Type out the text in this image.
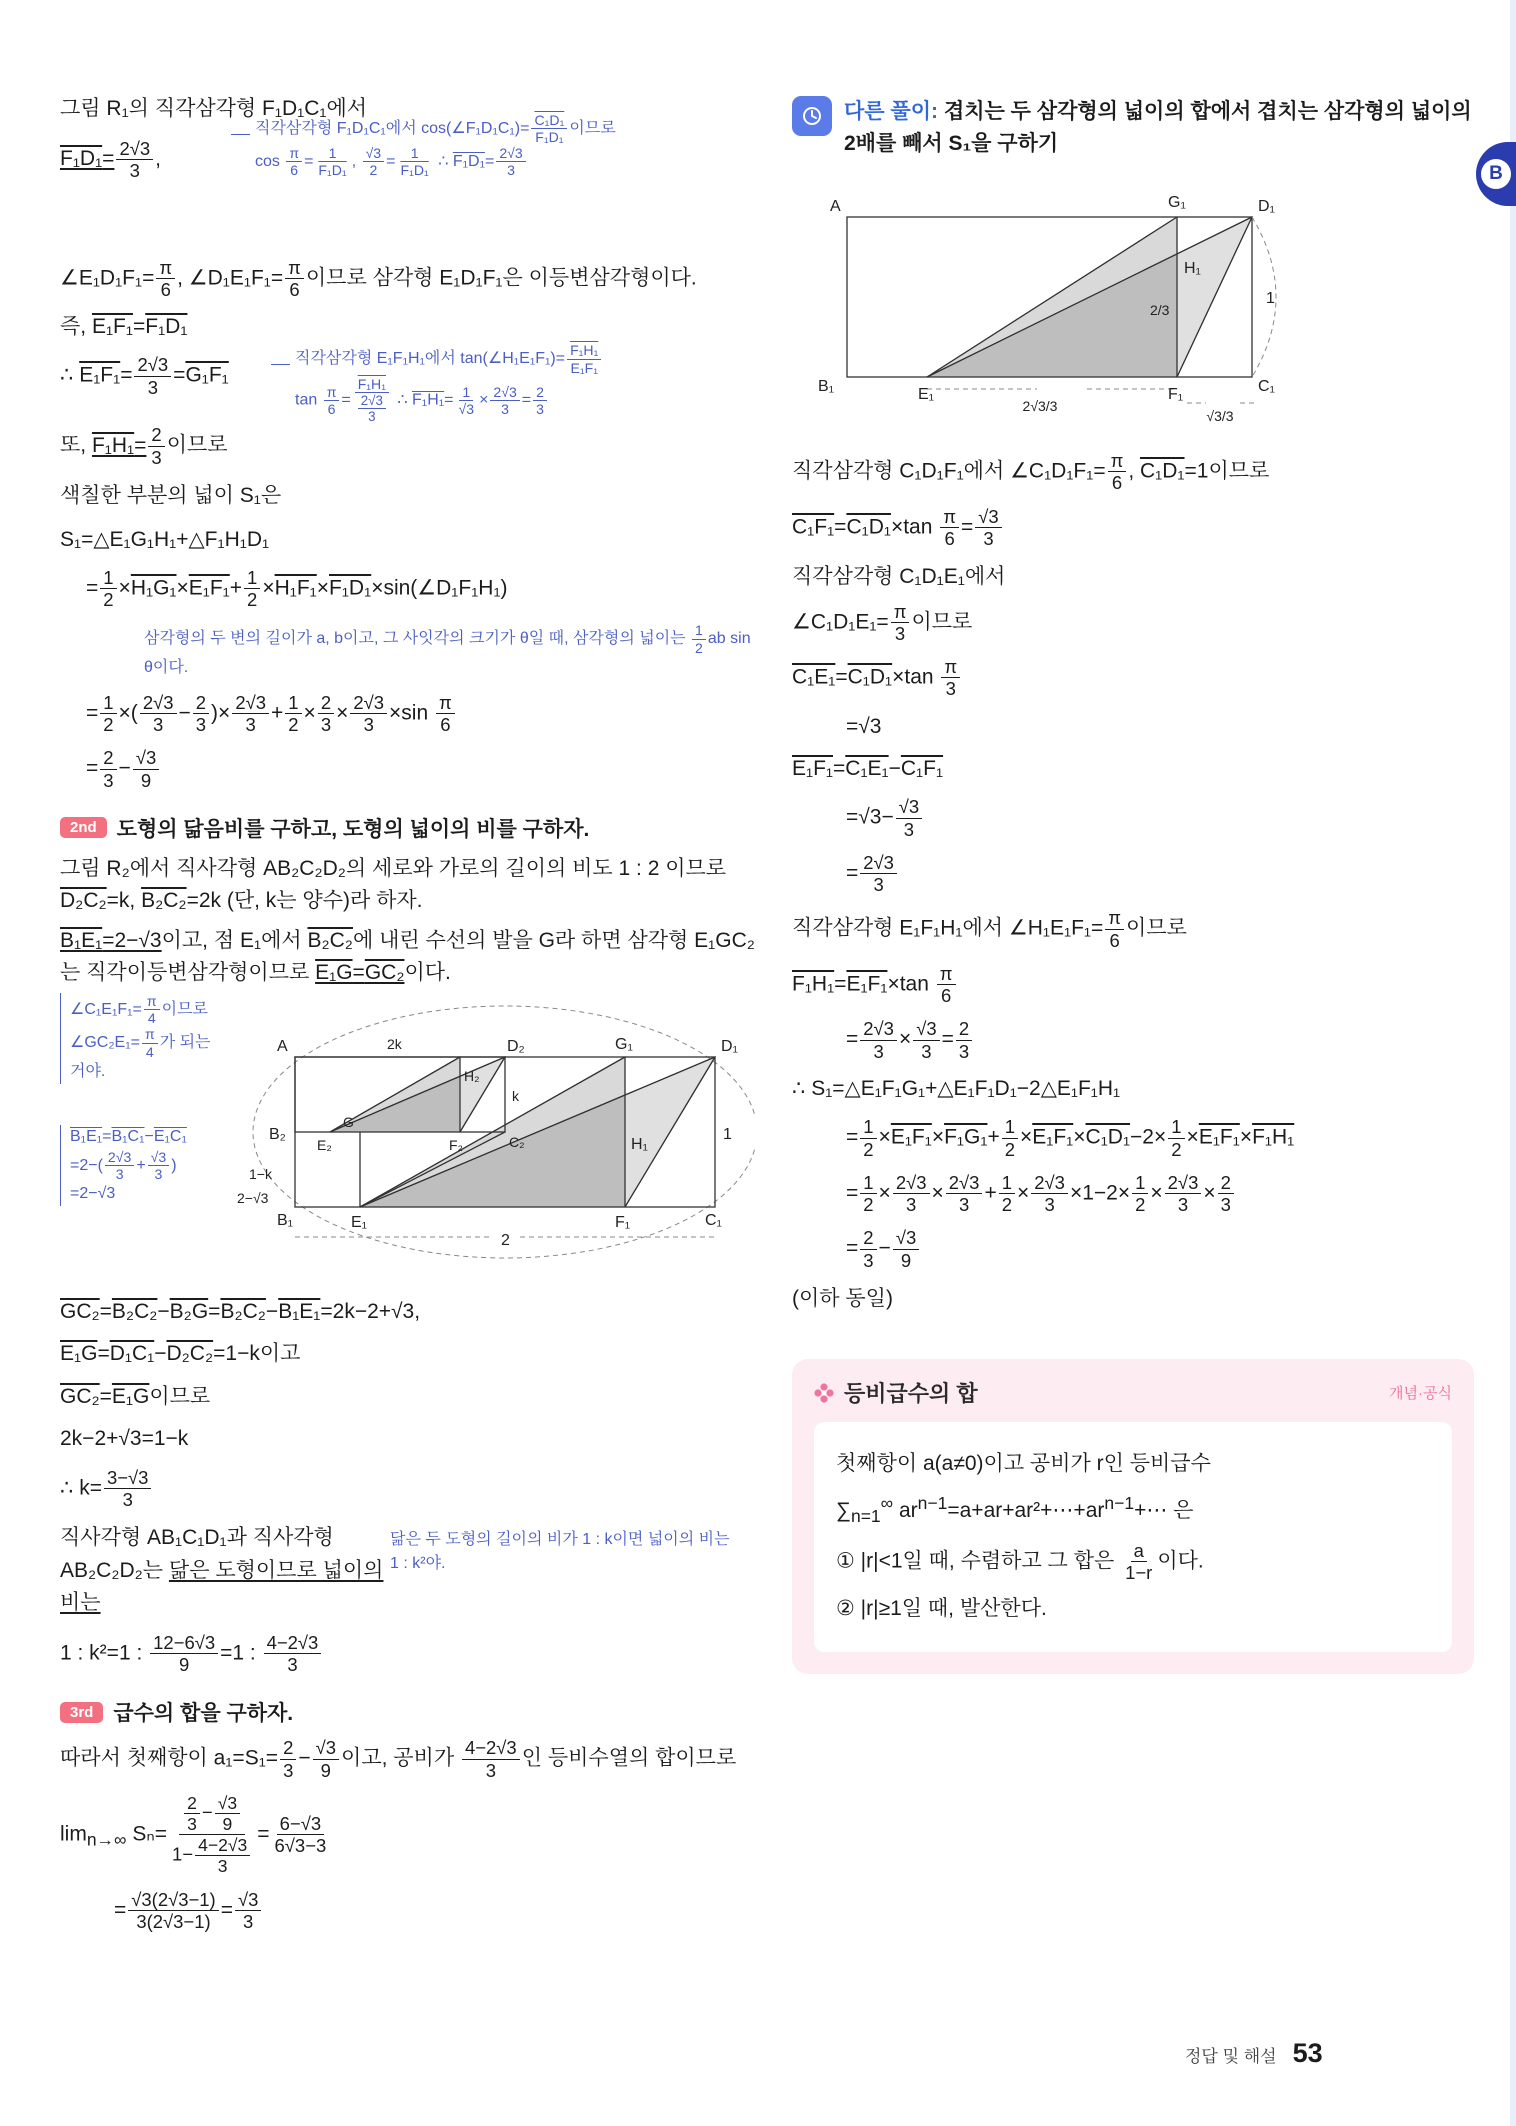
B

그림 R₁의 직각삼각형 F₁D₁C₁에서

$F_1D_1= \frac{2√3}{3}$ ,
직각삼각형 F₁D₁C₁에서 cos(∠F₁D₁C₁)= $\frac{\text{C₁D₁}}{\text{F₁D₁}}$ 이므로
$\cos \frac{\pi}{6} = \frac{1}{\text{F₁D₁}}$ , $\frac{√3}{2} = \frac{1}{\text{F₁D₁}}$ ∴ $F_1D_1= \frac{2√3}{3}$

∠E₁D₁F₁= $\frac{\pi}{6}$ , ∠D₁E₁F₁= $\frac{\pi}{6}$ 이므로 삼각형 E₁D₁F₁은 이등변삼각형이다.

즉, E₁F₁=F₁D₁
∴ $E_1F_1= \frac{2√3}{3} =G_1F_1$
직각삼각형 E₁F₁H₁에서 tan(∠H₁E₁F₁)= $\frac{\text{F₁H₁}}{\text{E₁F₁}}$
$\tan \frac{\pi}{6} = \frac{\text{F₁H₁}}{\frac{2√3}{3}}$ ∴ $F_1H_1= \frac{1}{√3} \times \frac{2√3}{3} = \frac{2}{3}$
또, $F_1H_1= \frac{2}{3}$ 이므로

색칠한 부분의 넓이 S₁은

S₁=△E₁G₁H₁+△F₁H₁D₁
= $\frac{1}{2} \times H_1G_1\times E_1F_1+ \frac{1}{2}$ ×H₁F₁×F₁D₁×sin(∠D₁F₁H₁)
삼각형의 두 변의 길이가 a, b이고, 그 사잇각의 크기가 θ일 때, 삼각형의 넓이는 $\frac{1}{2}$ ab sin θ이다.
= $\frac{1}{2}$ ×( $\frac{2√3}{3} - \frac{2}{3}$ )× $\frac{2√3}{3} + \frac{1}{2} \times \frac{2}{3} \times \frac{2√3}{3} \times\sin \frac{\pi}{6}$
= $\frac{2}{3} - \frac{√3}{9}$
2nd 도형의 닮음비를 구하고, 도형의 넓이의 비를 구하자.

그림 R₂에서 직사각형 AB₂C₂D₂의 세로와 가로의 길이의 비도 1 : 2 이므로 D₂C₂=k, B₂C₂=2k (단, k는 양수)라 하자.

B₁E₁=2−√3이고, 점 E₁에서 B₂C₂에 내린 수선의 발을 G라 하면 삼각형 E₁GC₂는 직각이등변삼각형이므로 E₁G=GC₂이다.

∠C₁E₁F₁= $\frac{\pi}{4}$ 이므로
∠GC₂E₁= $\frac{\pi}{4}$ 가 되는
거야.
B₁E₁=B₁C₁−E₁C₁
$=2-( \frac{2√3}{3} + \frac{√3}{3}$ )
=2−√3
A	2k	D₂	G₁	D₁
G
k
H₂
B₂
E₂	F₂	C₂	H₁
1
1−k
2−√3
B₁	E₁	F₁	C₁
2
GC₂=B₂C₂−B₂G=B₂C₂−B₁E₁=2k−2+√3,
E₁G=D₁C₁−D₂C₂=1−k이고
GC₂=E₁G이므로
2k−2+√3=1−k
∴ $k= \frac{3-√3}{3}$

직사각형 AB₁C₁D₁과 직사각형 AB₂C₂D₂는 닮은 도형이므로 넓이의 비는

닮은 두 도형의 길이의 비가 1 : k이면 넓이의 비는 1 : k²야.
1 : k²=1 : $\frac{12-6√3}{9} =1$ : $\frac{4-2√3}{3}$
3rd 급수의 합을 구하자.

따라서 첫째항이 $a_1=S_1= \frac{2}{3} - \frac{√3}{9}$ 이고, 공비가 $\frac{4-2√3}{3}$ 인 등비수열의 합이므로

$\lim_{n\to\infty} S_n= \frac{\frac{2}{3} - \frac{√3}{9}}{1- \frac{4-2√3}{3}} = \frac{6-√3}{6√3-3}$
= $\frac{√3(2√3-1)}{3(2√3-1)} = \frac{√3}{3}$
다른 풀이: 겹치는 두 삼각형의 넓이의 합에서 겹치는 삼각형의 넓이의 2배를 빼서 S₁을 구하기
A	G₁	D₁
H₁
B₁	E₁	F₁	C₁
1
2/3
2√3/3
√3/3

직각삼각형 C₁D₁F₁에서 ∠C₁D₁F₁= $\frac{\pi}{6}$ , C₁D₁=1이므로

$C_1F_1=C_1D_1\times\tan \frac{\pi}{6} = \frac{√3}{3}$

직각삼각형 C₁D₁E₁에서

∠C₁D₁E₁= $\frac{\pi}{3}$ 이므로

$C_1E_1=C_1D_1\times\tan \frac{\pi}{3}$
=√3
E₁F₁=C₁E₁−C₁F₁
$=√3- \frac{√3}{3}$
= $\frac{2√3}{3}$

직각삼각형 E₁F₁H₁에서 ∠H₁E₁F₁= $\frac{\pi}{6}$ 이므로

$F_1H_1=E_1F_1\times\tan \frac{\pi}{6}$
= $\frac{2√3}{3} \times \frac{√3}{3} = \frac{2}{3}$
∴ S₁=△E₁F₁G₁+△E₁F₁D₁−2△E₁F₁H₁
= $\frac{1}{2} \times E_1F_1\times F_1G_1+ \frac{1}{2} \times E_1F_1\times C_1D_1-2\times \frac{1}{2} \times E_1F_1\times F_1H_1$
= $\frac{1}{2} \times \frac{2√3}{3} \times \frac{2√3}{3} + \frac{1}{2} \times \frac{2√3}{3} \times 1-2\times \frac{1}{2} \times \frac{2√3}{3} \times \frac{2}{3}$
= $\frac{2}{3} - \frac{√3}{9}$

(이하 동일)

등비급수의 합	개념·공식

첫째항이 a(a≠0)이고 공비가 r인 등비급수

$\sum_{n=1}^\infty$ $ar^{n-1}=a+ar+ar^2+\cdots+ar^{n-1}+\cdots$ 은
① |r|<1일 때, 수렴하고 그 합은 $\frac{a}{1-r}$ 이다.

② |r|≥1일 때, 발산한다.

정답 및 해설 53
